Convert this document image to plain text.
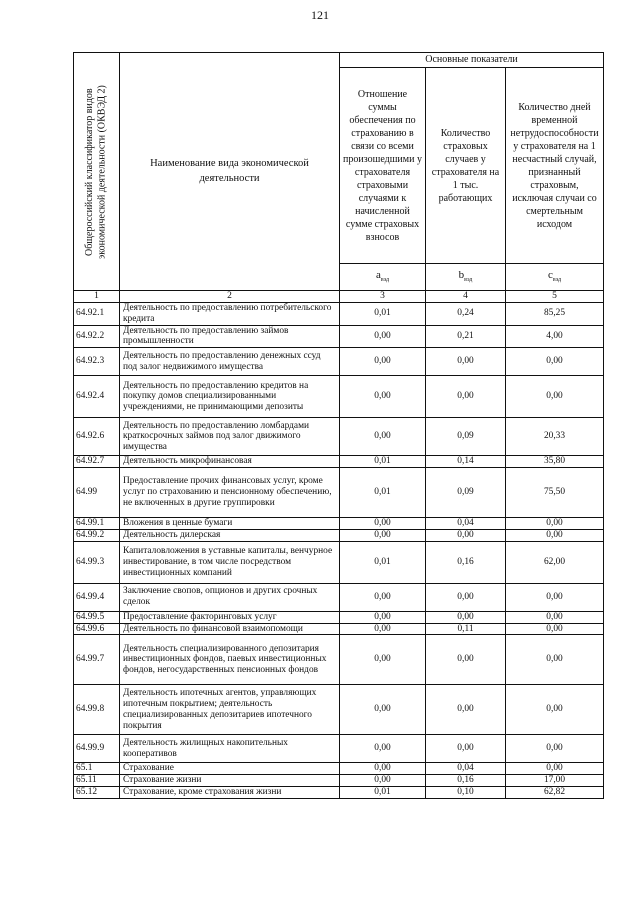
121
Общероссийский классификатор видов экономической деятельности (ОКВЭД 2)	Наименование вида экономической деятельности	Основные показатели		
		Отношение суммы обеспечения по страхованию в связи со всеми произошедшими у страхователя страховыми случаями к начисленной сумме страховых взносов	Количество страховых случаев у страхователя на 1 тыс. работающих	Количество дней временной нетрудоспособности у страхователя на 1 несчастный случай, признанный страховым, исключая случаи со смертельным исходом
		$a_{вэд}$	$b_{вэд}$	$c_{вэд}$
1	2	3	4	5
64.92.1	Деятельность по предоставлению потребительского кредита	0,01	0,24	85,25
64.92.2	Деятельность по предоставлению займов промышленности	0,00	0,21	4,00
64.92.3	Деятельность по предоставлению денежных ссуд под залог недвижимого имущества	0,00	0,00	0,00
64.92.4	Деятельность по предоставлению кредитов на покупку домов специализированными учреждениями, не принимающими депозиты	0,00	0,00	0,00
64.92.6	Деятельность по предоставлению ломбардами краткосрочных займов под залог движимого имущества	0,00	0,09	20,33
64.92.7	Деятельность микрофинансовая	0,01	0,14	35,80
64.99	Предоставление прочих финансовых услуг, кроме услуг по страхованию и пенсионному обеспечению, не включенных в другие группировки	0,01	0,09	75,50
64.99.1	Вложения в ценные бумаги	0,00	0,04	0,00
64.99.2	Деятельность дилерская	0,00	0,00	0,00
64.99.3	Капиталовложения в уставные капиталы, венчурное инвестирование, в том числе посредством инвестиционных компаний	0,01	0,16	62,00
64.99.4	Заключение свопов, опционов и других срочных сделок	0,00	0,00	0,00
64.99.5	Предоставление факторинговых услуг	0,00	0,00	0,00
64.99.6	Деятельность по финансовой взаимопомощи	0,00	0,11	0,00
64.99.7	Деятельность специализированного депозитария инвестиционных фондов, паевых инвестиционных фондов, негосударственных пенсионных фондов	0,00	0,00	0,00
64.99.8	Деятельность ипотечных агентов, управляющих ипотечным покрытием; деятельность специализированных депозитариев ипотечного покрытия	0,00	0,00	0,00
64.99.9	Деятельность жилищных накопительных кооперативов	0,00	0,00	0,00
65.1	Страхование	0,00	0,04	0,00
65.11	Страхование жизни	0,00	0,16	17,00
65.12	Страхование, кроме страхования жизни	0,01	0,10	62,82
